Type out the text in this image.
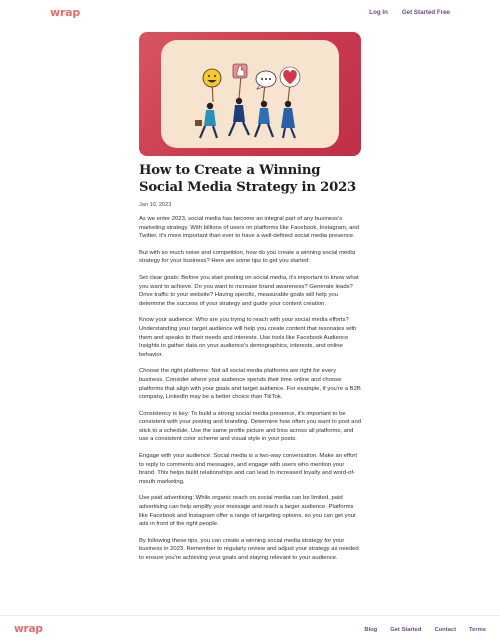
wrap	Log In Get Started Free
How to Create a Winning Social Media Strategy in 2023
Jan 10, 2023

As we enter 2023, social media has become an integral part of any business's marketing strategy. With billions of users on platforms like Facebook, Instagram, and Twitter, it's more important than ever to have a well-defined social media presence.

But with so much noise and competition, how do you create a winning social media strategy for your business? Here are some tips to get you started:

Set clear goals: Before you start posting on social media, it's important to know what you want to achieve. Do you want to increase brand awareness? Generate leads? Drive traffic to your website? Having specific, measurable goals will help you determine the success of your strategy and guide your content creation.

Know your audience: Who are you trying to reach with your social media efforts? Understanding your target audience will help you create content that resonates with them and speaks to their needs and interests. Use tools like Facebook Audience Insights to gather data on your audience's demographics, interests, and online behavior.

Choose the right platforms: Not all social media platforms are right for every business. Consider where your audience spends their time online and choose platforms that align with your goals and target audience. For example, if you're a B2B company, LinkedIn may be a better choice than TikTok.

Consistency is key: To build a strong social media presence, it's important to be consistent with your posting and branding. Determine how often you want to post and stick to a schedule. Use the same profile picture and bios across all platforms, and use a consistent color scheme and visual style in your posts.

Engage with your audience: Social media is a two-way conversation. Make an effort to reply to comments and messages, and engage with users who mention your brand. This helps build relationships and can lead to increased loyalty and word-of-mouth marketing.

Use paid advertising: While organic reach on social media can be limited, paid advertising can help amplify your message and reach a larger audience. Platforms like Facebook and Instagram offer a range of targeting options, so you can get your ads in front of the right people.

By following these tips, you can create a winning social media strategy for your business in 2023. Remember to regularly review and adjust your strategy as needed to ensure you're achieving your goals and staying relevant to your audience.

wrap	Blog Get Started Contact Terms
